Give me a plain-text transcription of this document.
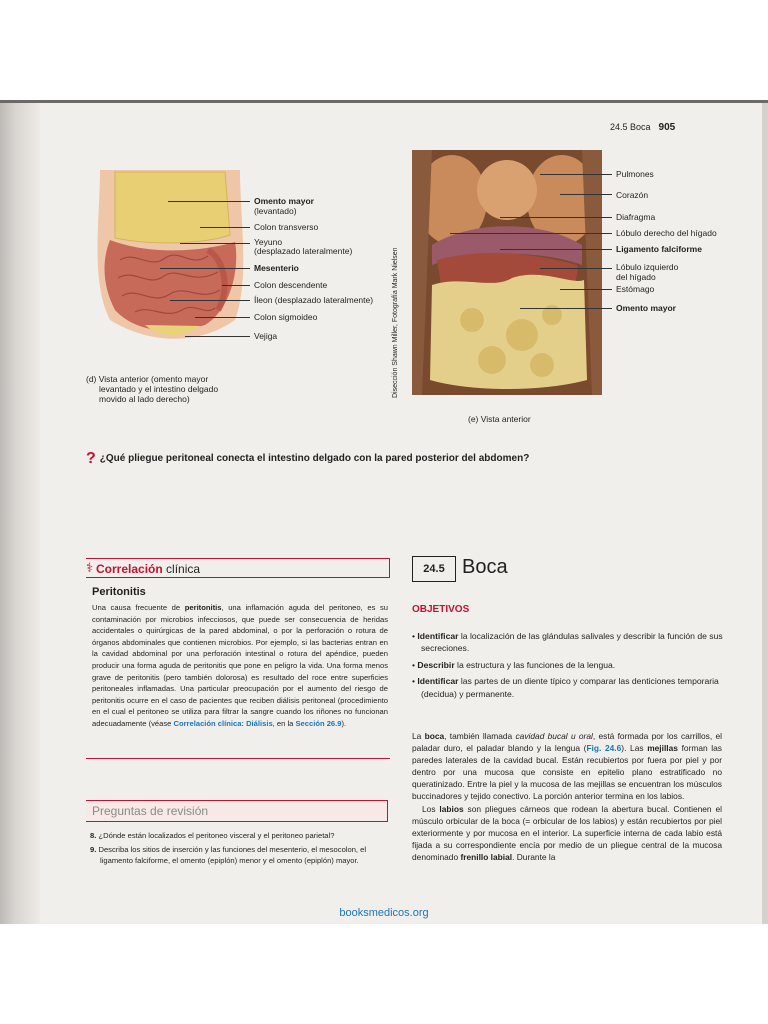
24.5 Boca 905
Omento mayor
(levantado)
Colon transverso
Yeyuno
(desplazado lateralmente)
Mesenterio
Colon descendente
Íleon (desplazado lateralmente)
Colon sigmoideo
Vejiga
(d) Vista anterior (omento mayor
levantado y el intestino delgado
movido al lado derecho)
Disección Shawn Miller, Fotografía Mark Nielsen
Pulmones
Corazón
Diafragma
Lóbulo derecho del hígado
Ligamento falciforme
Lóbulo izquierdo
del hígado
Estómago
Omento mayor
(e) Vista anterior
? ¿Qué pliegue peritoneal conecta el intestino delgado con la pared posterior del abdomen?
⚕ Correlación clínica
Peritonitis
Una causa frecuente de peritonitis, una inflamación aguda del peritoneo, es su contaminación por microbios infecciosos, que puede ser consecuencia de heridas accidentales o quirúrgicas de la pared abdominal, o por la perforación o rotura de órganos abdominales que contienen microbios. Por ejemplo, si las bacterias entran en la cavidad abdominal por una perforación intestinal o rotura del apéndice, pueden producir una forma aguda de peritonitis que pone en peligro la vida. Una forma menos grave de peritonitis (pero también dolorosa) es resultado del roce entre superficies peritoneales inflamadas. Una particular preocupación por el aumento del riesgo de peritonitis ocurre en el caso de pacientes que reciben diálisis peritoneal (procedimiento en el cual el peritoneo se utiliza para filtrar la sangre cuando los riñones no funcionan adecuadamente (véase Correlación clínica: Diálisis, en la Sección 26.9).
Preguntas de revisión
8. ¿Dónde están localizados el peritoneo visceral y el peritoneo parietal?
9. Describa los sitios de inserción y las funciones del mesenterio, el mesocolon, el ligamento falciforme, el omento (epiplón) menor y el omento (epiplón) mayor.
24.5 Boca
OBJETIVOS
• Identificar la localización de las glándulas salivales y describir la función de sus secreciones.
• Describir la estructura y las funciones de la lengua.
• Identificar las partes de un diente típico y comparar las denticiones temporaria (decidua) y permanente.

La boca, también llamada cavidad bucal u oral, está formada por los carrillos, el paladar duro, el paladar blando y la lengua (Fig. 24.6). Las mejillas forman las paredes laterales de la cavidad bucal. Están recubiertos por fuera por piel y por dentro por una mucosa que consiste en epitelio plano estratificado no queratinizado. Entre la piel y la mucosa de las mejillas se encuentran los músculos buccinadores y tejido conectivo. La porción anterior termina en los labios.

Los labios son pliegues cárneos que rodean la abertura bucal. Contienen el músculo orbicular de la boca (= orbicular de los labios) y están recubiertos por piel exteriormente y por mucosa en el interior. La superficie interna de cada labio está fijada a su correspondiente encía por medio de un pliegue central de la mucosa denominado frenillo labial. Durante la

booksmedicos.org
